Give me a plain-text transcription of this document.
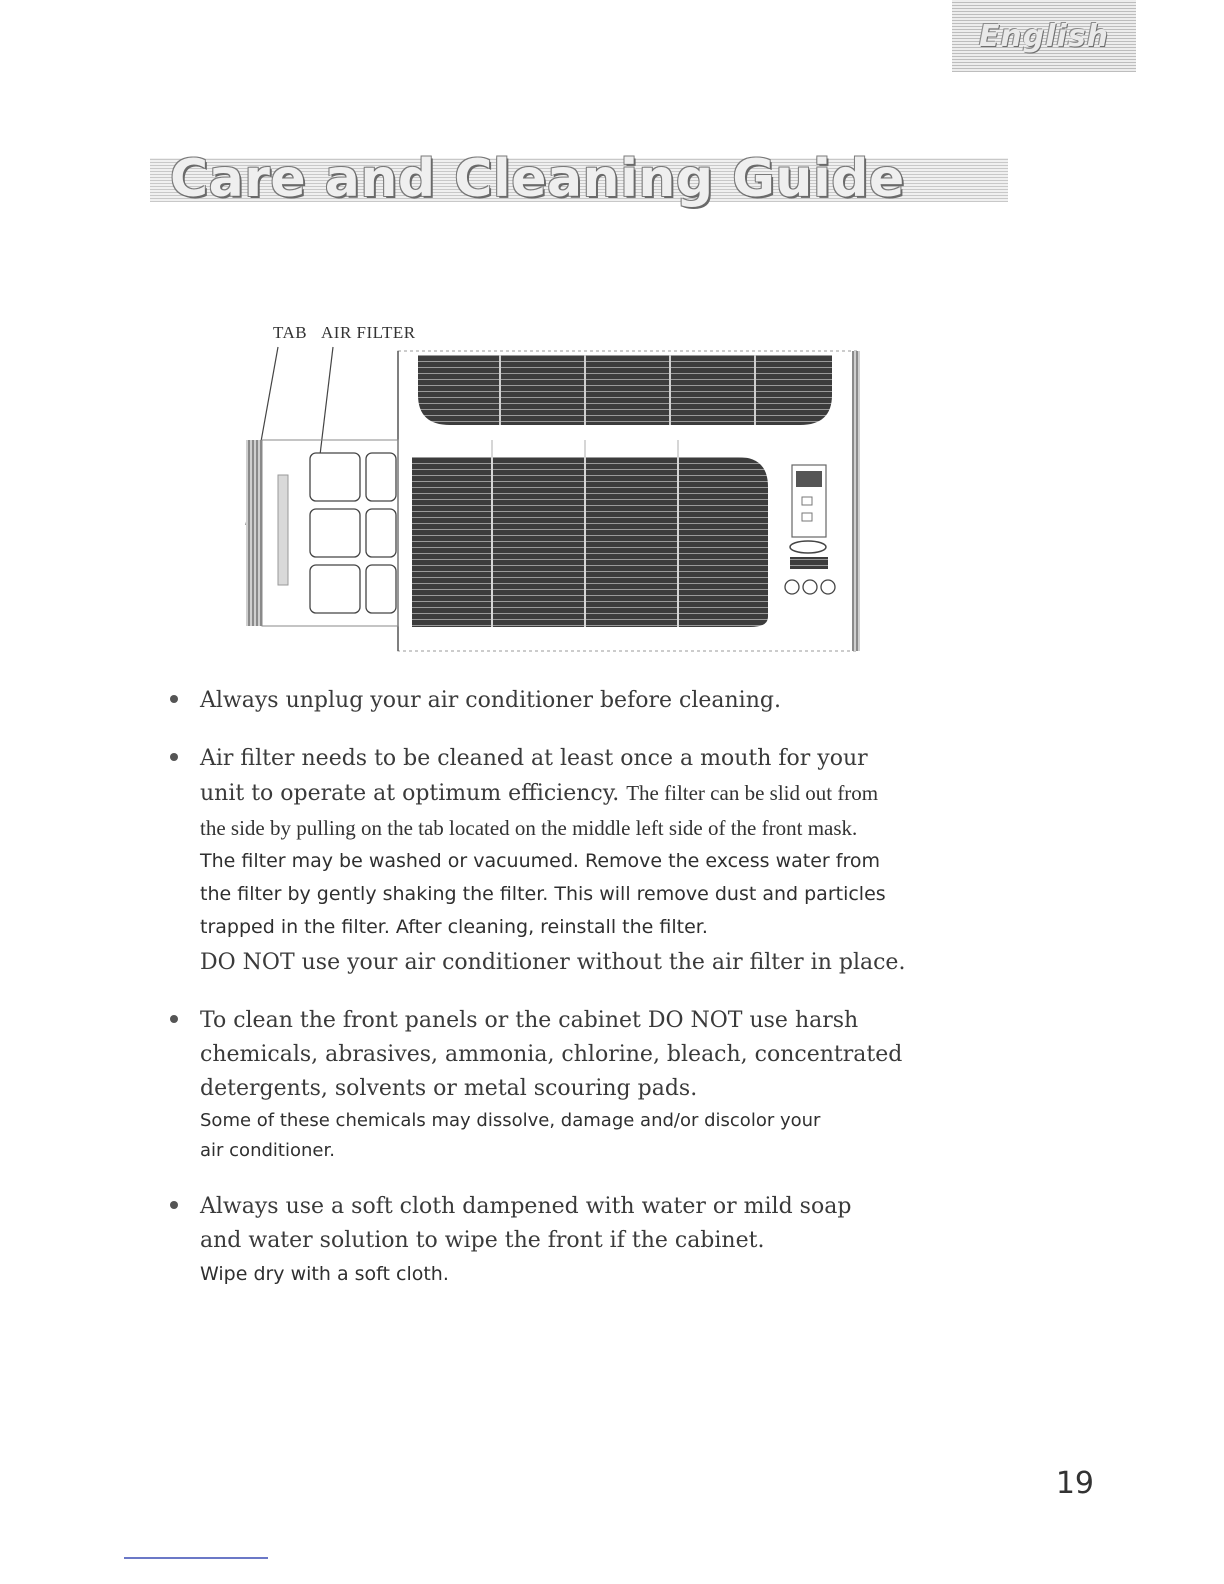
English
Care and Cleaning Guide
TAB AIR FILTER

Always unplug your air conditioner before cleaning.

Air filter needs to be cleaned at least once a mouth for your

unit to operate at optimum efficiency. The filter can be slid out from

the side by pulling on the tab located on the middle left side of the front mask.

The filter may be washed or vacuumed. Remove the excess water from

the filter by gently shaking the filter. This will remove dust and particles

trapped in the filter. After cleaning, reinstall the filter.

DO NOT use your air conditioner without the air filter in place.

To clean the front panels or the cabinet DO NOT use harsh

chemicals, abrasives, ammonia, chlorine, bleach, concentrated

detergents, solvents or metal scouring pads.

Some of these chemicals may dissolve, damage and/or discolor your

air conditioner.

Always use a soft cloth dampened with water or mild soap

and water solution to wipe the front if the cabinet.

Wipe dry with a soft cloth.

19
